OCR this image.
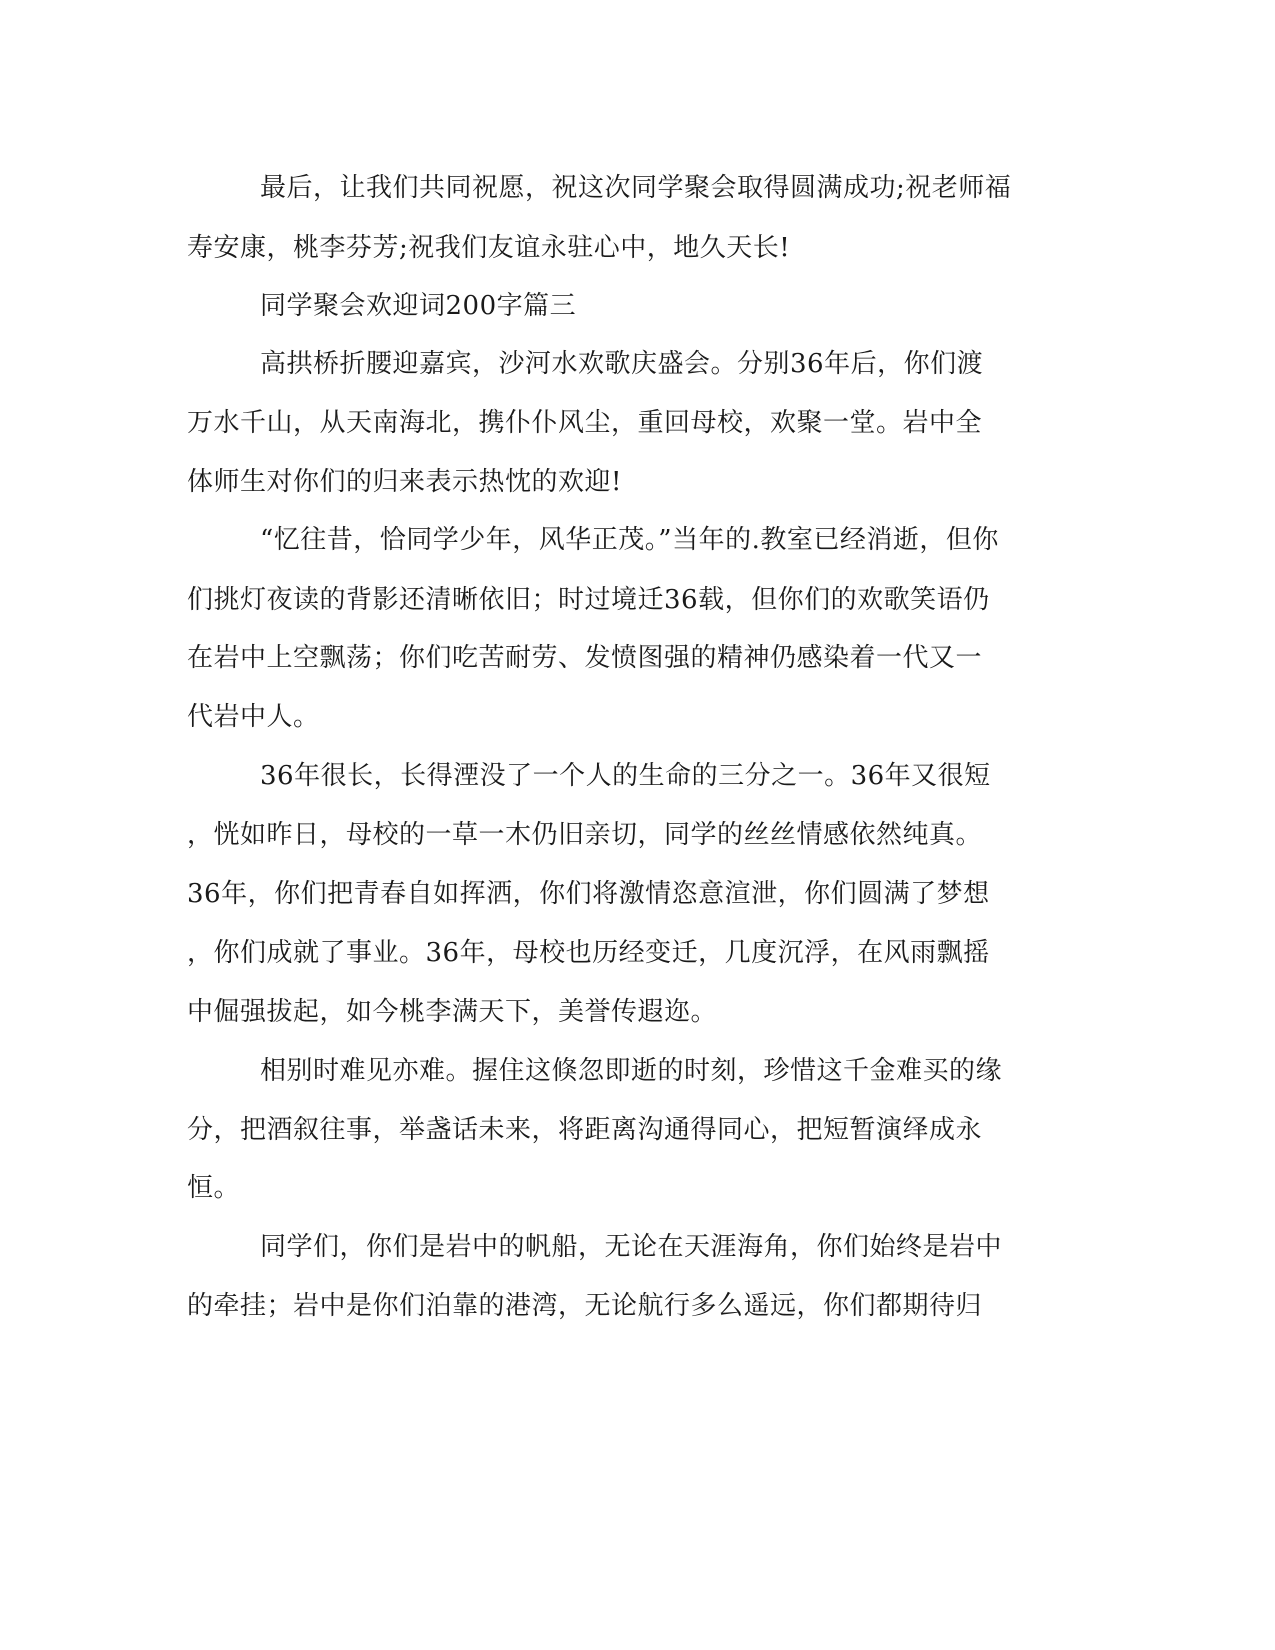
最后，让我们共同祝愿，祝这次同学聚会取得圆满成功;祝老师福

寿安康，桃李芬芳;祝我们友谊永驻心中，地久天长!

同学聚会欢迎词200字篇三

高拱桥折腰迎嘉宾，沙河水欢歌庆盛会。分别36年后，你们渡

万水千山，从天南海北，携仆仆风尘，重回母校，欢聚一堂。岩中全

体师生对你们的归来表示热忱的欢迎!

“忆往昔，恰同学少年，风华正茂。”当年的.教室已经消逝，但你

们挑灯夜读的背影还清晰依旧；时过境迁36载，但你们的欢歌笑语仍

在岩中上空飘荡；你们吃苦耐劳、发愤图强的精神仍感染着一代又一

代岩中人。

36年很长，长得湮没了一个人的生命的三分之一。36年又很短

，恍如昨日，母校的一草一木仍旧亲切，同学的丝丝情感依然纯真。

36年，你们把青春自如挥洒，你们将激情恣意渲泄，你们圆满了梦想

，你们成就了事业。36年，母校也历经变迁，几度沉浮，在风雨飘摇

中倔强拔起，如今桃李满天下，美誉传遐迩。

相别时难见亦难。握住这倏忽即逝的时刻，珍惜这千金难买的缘

分，把酒叙往事，举盏话未来，将距离沟通得同心，把短暂演绎成永

恒。

同学们，你们是岩中的帆船，无论在天涯海角，你们始终是岩中

的牵挂；岩中是你们泊靠的港湾，无论航行多么遥远，你们都期待归
